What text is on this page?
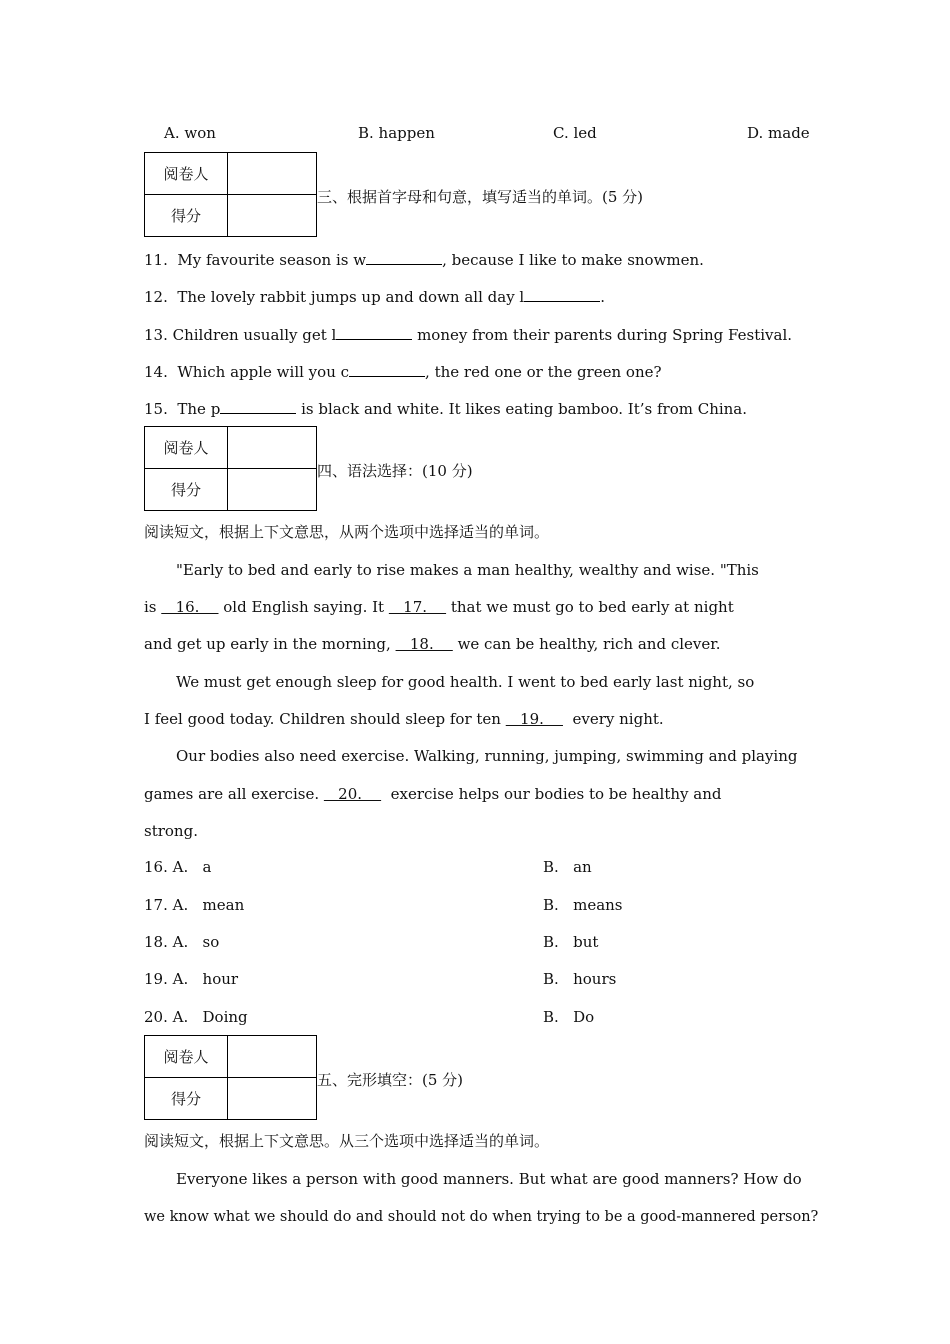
A. won	B. happen	C. led	D. made
阅卷人	
得分	
三、根据首字母和句意，填写适当的单词。(5 分)
11.  My favourite season is w	, because I like to make snowmen.
12.  The lovely rabbit jumps up and down all day l	.
13. Children usually get l	money from their parents during Spring Festival.
14.  Which apple will you c	, the red one or the green one?
15.  The p	is black and white. It likes eating bamboo. It’s from China.
阅卷人	
得分	
四、语法选择：(10 分)
阅读短文，根据上下文意思，从两个选项中选择适当的单词。
"Early to bed and early to rise makes a man healthy, wealthy and wise. "This
is    16.     old English saying. It    17.     that we must go to bed early at night
and get up early in the morning,    18.     we can be healthy, rich and clever.
We must get enough sleep for good health. I went to bed early last night, so
I feel good today. Children should sleep for ten    19.      every night.
Our bodies also need exercise. Walking, running, jumping, swimming and playing
games are all exercise.    20.      exercise helps our bodies to be healthy and
strong.
16. A.   a	B.   an
17. A.   mean	B.   means
18. A.   so	B.   but
19. A.   hour	B.   hours
20. A.   Doing	B.   Do
阅卷人	
得分	
五、完形填空：(5 分)
阅读短文，根据上下文意思。从三个选项中选择适当的单词。
Everyone likes a person with good manners. But what are good manners? How do
we know what we should do and should not do when trying to be a good-mannered person?
